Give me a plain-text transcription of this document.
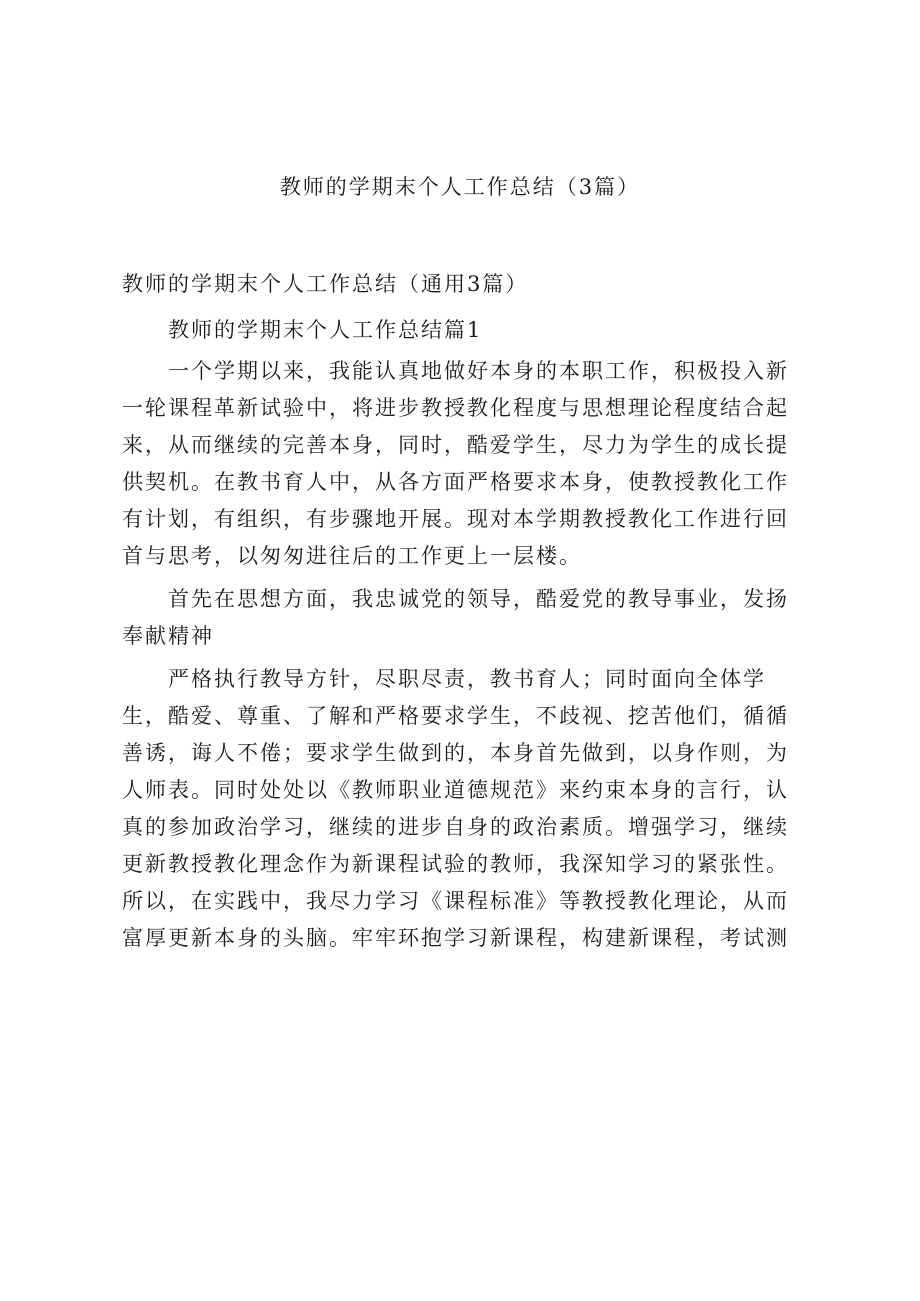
教师的学期末个人工作总结（3篇）
教师的学期末个人工作总结（通用3篇）

教师的学期末个人工作总结篇1

一个学期以来，我能认真地做好本身的本职工作，积极投入新一轮课程革新试验中，将进步教授教化程度与思想理论程度结合起来，从而继续的完善本身，同时，酷爱学生，尽力为学生的成长提供契机。在教书育人中，从各方面严格要求本身，使教授教化工作有计划，有组织，有步骤地开展。现对本学期教授教化工作进行回首与思考，以匆匆进往后的工作更上一层楼。

首先在思想方面，我忠诚党的领导，酷爱党的教导事业，发扬奉献精神

严格执行教导方针，尽职尽责，教书育人；同时面向全体学生，酷爱、尊重、了解和严格要求学生，不歧视、挖苦他们，循循善诱，诲人不倦；要求学生做到的，本身首先做到，以身作则，为人师表。同时处处以《教师职业道德规范》来约束本身的言行，认真的参加政治学习，继续的进步自身的政治素质。增强学习，继续更新教授教化理念作为新课程试验的教师，我深知学习的紧张性。所以，在实践中，我尽力学习《课程标准》等教授教化理论，从而富厚更新本身的头脑。牢牢环抱学习新课程，构建新课程，考试测
